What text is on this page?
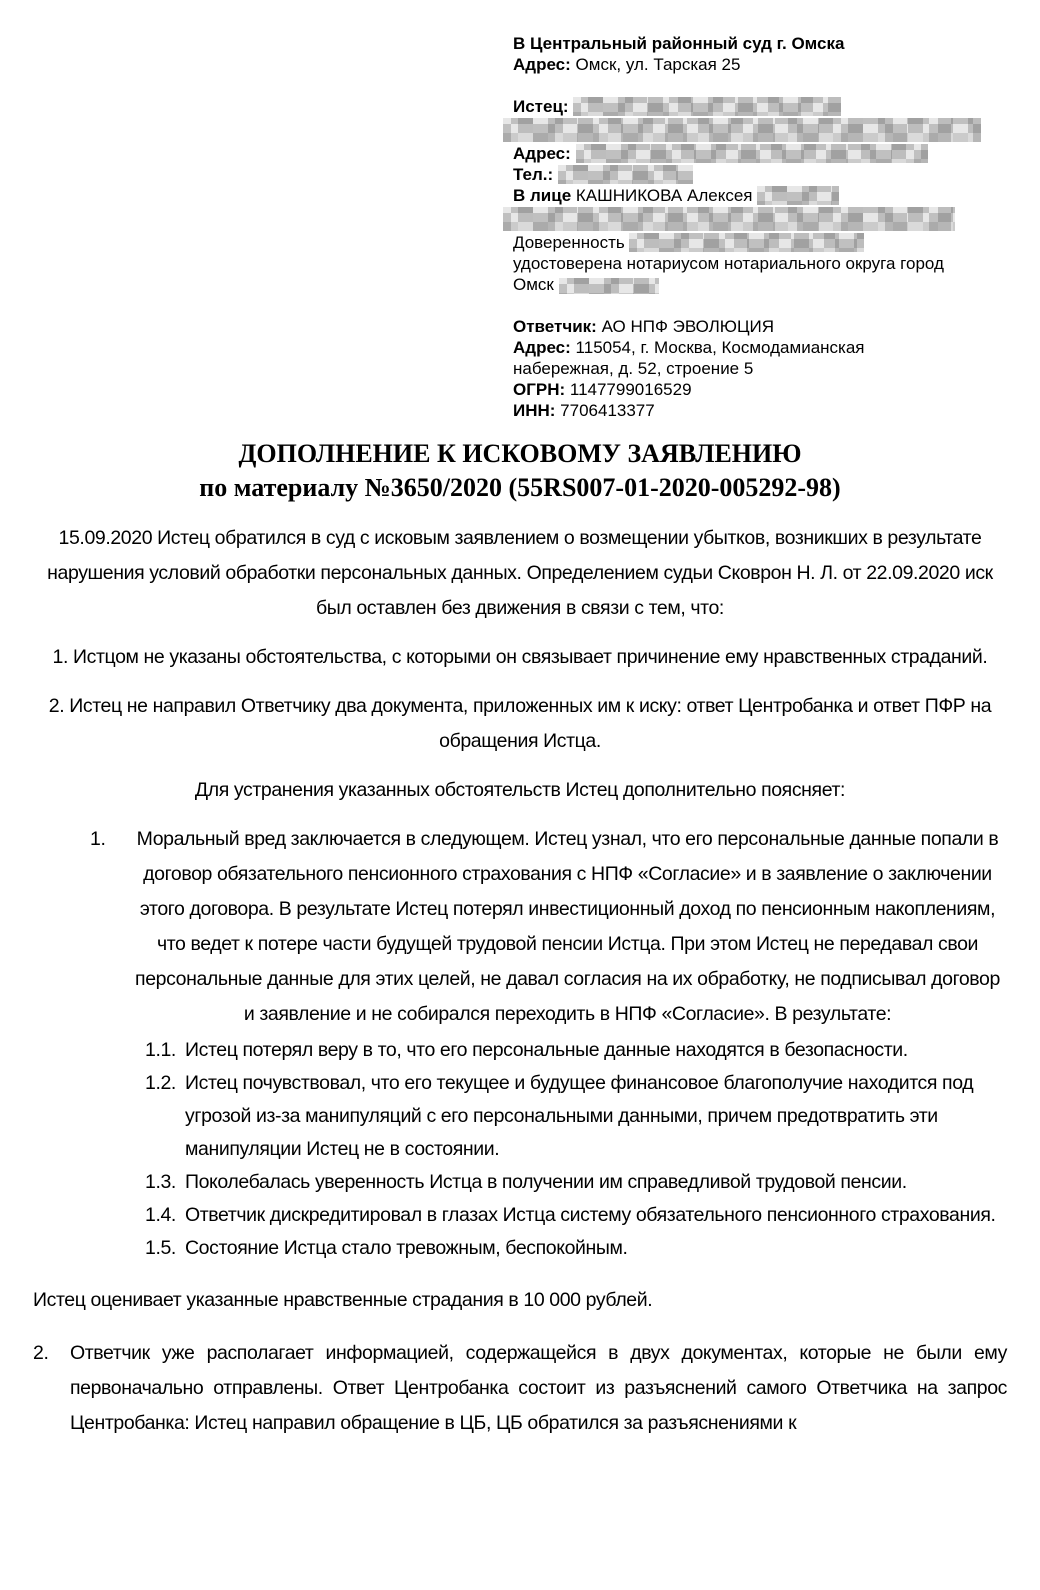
В Центральный районный суд г. Омска
Адрес: Омск, ул. Тарская 25
Истец:
Адрес:
Тел.:
В лице КАШНИКОВА Алексея
Доверенность
удостоверена нотариусом нотариального округа город
Омск
Ответчик: АО НПФ ЭВОЛЮЦИЯ
Адрес: 115054, г. Москва, Космодамианская
набережная, д. 52, строение 5
ОГРН: 1147799016529
ИНН: 7706413377
ДОПОЛНЕНИЕ К ИСКОВОМУ ЗАЯВЛЕНИЮ
по материалу №3650/2020 (55RS007-01-2020-005292-98)
15.09.2020 Истец обратился в суд с исковым заявлением о возмещении убытков, возникших в результате нарушения условий обработки персональных данных. Определением судьи Сковрон Н. Л. от 22.09.2020 иск был оставлен без движения в связи с тем, что:
1. Истцом не указаны обстоятельства, с которыми он связывает причинение ему нравственных страданий.
2. Истец не направил Ответчику два документа, приложенных им к иску: ответ Центробанка и ответ ПФР на обращения Истца.
Для устранения указанных обстоятельств Истец дополнительно поясняет:
1.	Моральный вред заключается в следующем. Истец узнал, что его персональные данные попали в договор обязательного пенсионного страхования с НПФ «Согласие» и в заявление о заключении этого договора. В результате Истец потерял инвестиционный доход по пенсионным накоплениям, что ведет к потере части будущей трудовой пенсии Истца. При этом Истец не передавал свои персональные данные для этих целей, не давал согласия на их обработку, не подписывал договор и заявление и не собирался переходить в НПФ «Согласие». В результате:
1.1. Истец потерял веру в то, что его персональные данные находятся в безопасности.
1.2. Истец почувствовал, что его текущее и будущее финансовое благополучие находится под угрозой из-за манипуляций с его персональными данными, причем предотвратить эти манипуляции Истец не в состоянии.
1.3. Поколебалась уверенность Истца в получении им справедливой трудовой пенсии.
1.4. Ответчик дискредитировал в глазах Истца систему обязательного пенсионного страхования.
1.5. Состояние Истца стало тревожным, беспокойным.
Истец оценивает указанные нравственные страдания в 10 000 рублей.
2.	Ответчик уже располагает информацией, содержащейся в двух документах, которые не были ему первоначально отправлены. Ответ Центробанка состоит из разъяснений самого Ответчика на запрос Центробанка: Истец направил обращение в ЦБ, ЦБ обратился за разъяснениями к
